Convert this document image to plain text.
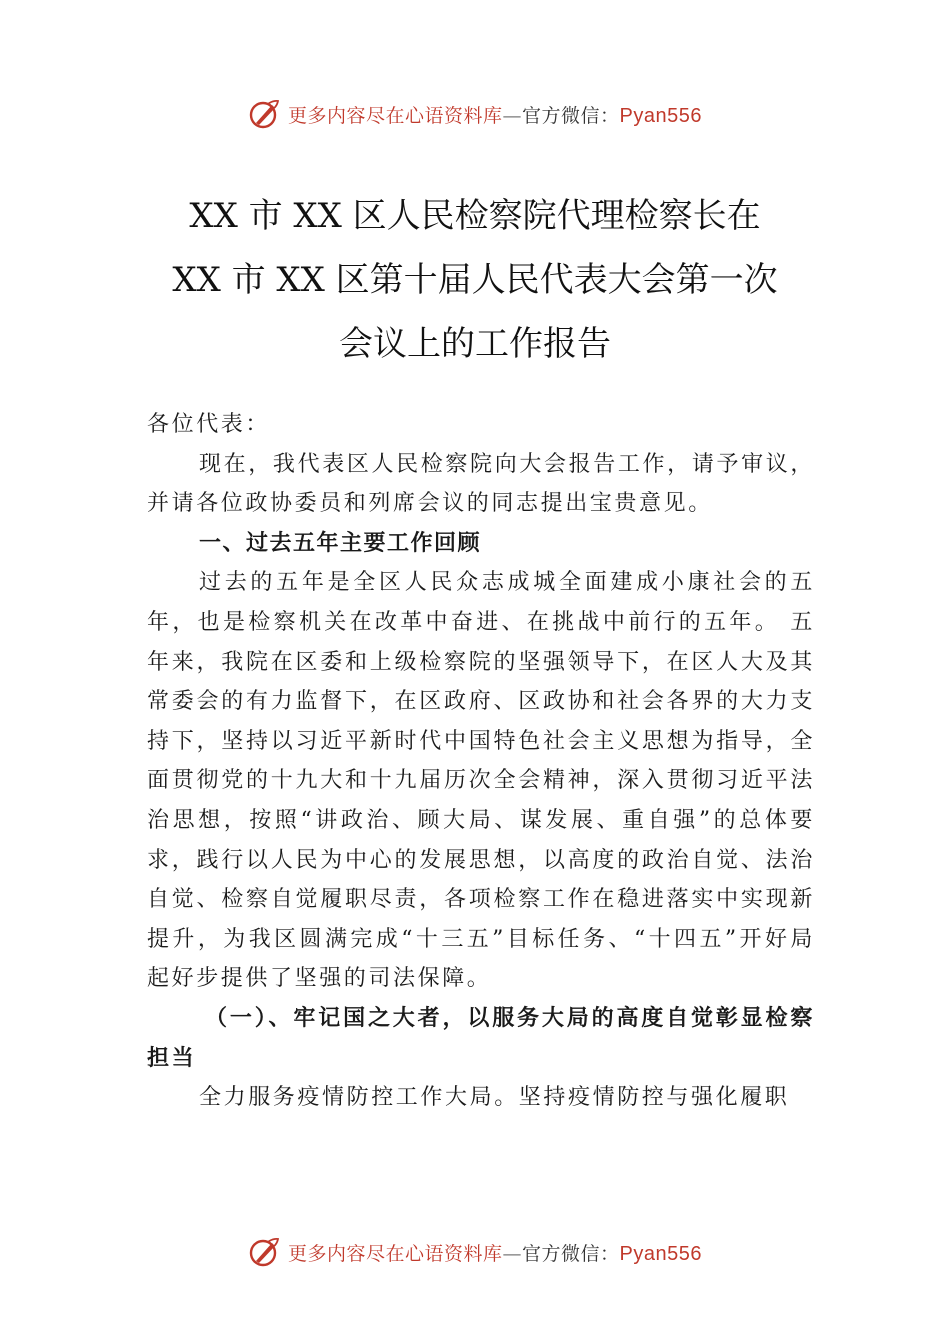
更多内容尽在心语资料库—官方微信：Pyan556
XX 市 XX 区人民检察院代理检察长在
XX 市 XX 区第十届人民代表大会第一次
会议上的工作报告

各位代表：

现在，我代表区人民检察院向大会报告工作，请予审议，并请各位政协委员和列席会议的同志提出宝贵意见。

一、过去五年主要工作回顾

过去的五年是全区人民众志成城全面建成小康社会的五年，也是检察机关在改革中奋进、在挑战中前行的五年。 五年来，我院在区委和上级检察院的坚强领导下，在区人大及其常委会的有力监督下，在区政府、区政协和社会各界的大力支持下，坚持以习近平新时代中国特色社会主义思想为指导，全面贯彻党的十九大和十九届历次全会精神，深入贯彻习近平法治思想，按照“讲政治、顾大局、谋发展、重自强”的总体要求，践行以人民为中心的发展思想，以高度的政治自觉、法治自觉、检察自觉履职尽责，各项检察工作在稳进落实中实现新提升，为我区圆满完成“十三五”目标任务、“十四五”开好局起好步提供了坚强的司法保障。

（一）、牢记国之大者，以服务大局的高度自觉彰显检察担当

全力服务疫情防控工作大局。坚持疫情防控与强化履职

更多内容尽在心语资料库—官方微信：Pyan556
